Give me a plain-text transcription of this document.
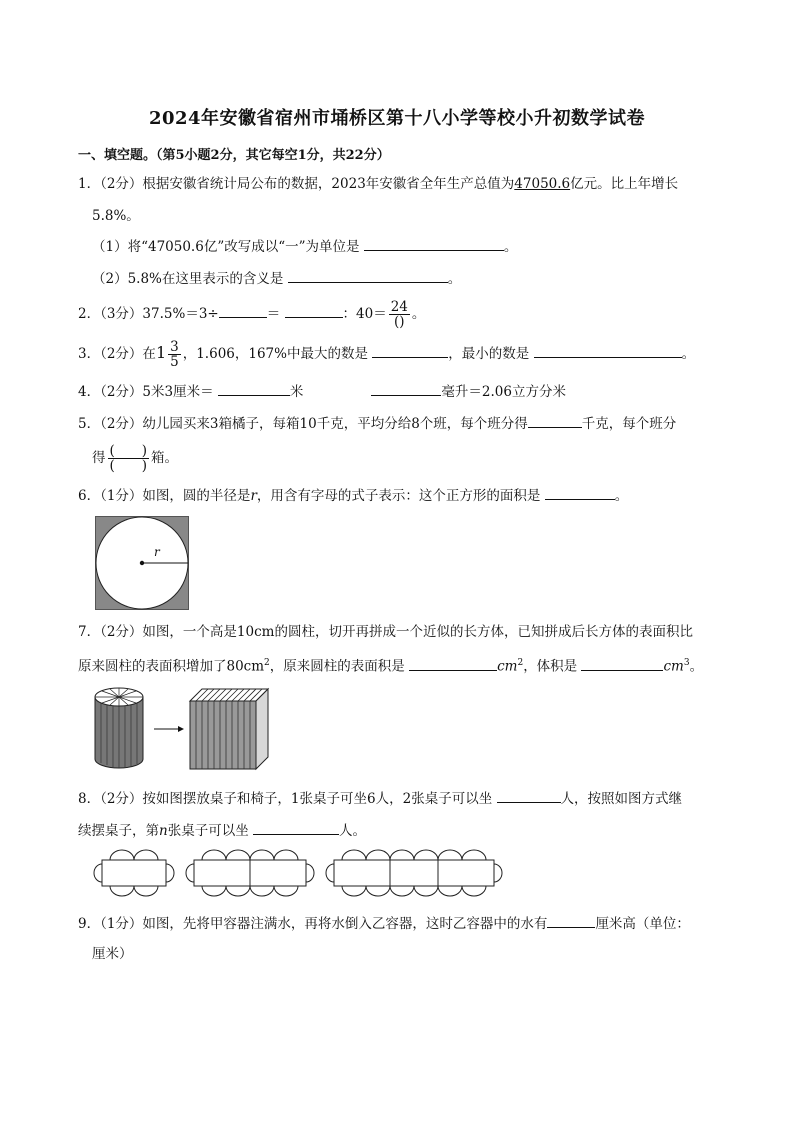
2024年安徽省宿州市埇桥区第十八小学等校小升初数学试卷
一、填空题。（第5小题2分，其它每空1分，共22分）
1．（2分）根据安徽省统计局公布的数据，2023年安徽省全年生产总值为47050.6亿元。比上年增长
5.8%。
（1）将“47050.6亿”改写成以“一”为单位是	。
（2）5.8%在这里表示的含义是	。
2．（3分）37.5%＝3÷	＝	：$40= \frac{24}{()}$ 。
3．（2分）在$1 \frac{3}{5}$ ，1.606，167%中最大的数是	，最小的数是	。
4．（2分）5米3厘米＝	米	毫升＝2.06立方分米
5．（2分）幼儿园买来3箱橘子，每箱10千克，平均分给8个班，每个班分得	千克，每个班分
得 $\frac{( )}{( )}$ 箱。
6．（1分）如图，圆的半径是r，用含有字母的式子表示：这个正方形的面积是	。
r
7．（2分）如图，一个高是10cm的圆柱，切开再拼成一个近似的长方体，已知拼成后长方体的表面积比
原来圆柱的表面积增加了$80cm^2$，原来圆柱的表面积是	$cm^2$，体积是	$cm^3$。
8．（2分）按如图摆放桌子和椅子，1张桌子可坐6人，2张桌子可以坐	人，按照如图方式继
续摆桌子，第n张桌子可以坐	人。
9．（1分）如图，先将甲容器注满水，再将水倒入乙容器，这时乙容器中的水有	厘米高（单位：
厘米）
